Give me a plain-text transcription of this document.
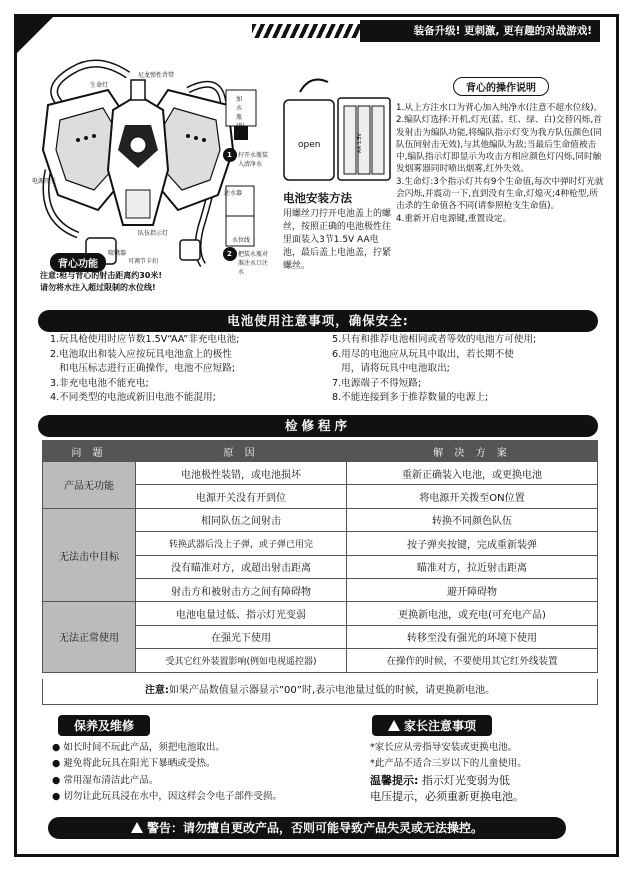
装备升级! 更刺激, 更有趣的对战游戏!
生命灯
尼龙弹性背带
电源开关
队伍指示灯
喷嘴器
可调节卡扣
加水瓶(附送)
1 拧开水瓶装入清净水
注水器
水位线
2 把装水瓶对准注水口注水
背心功能
注意:枪与背心的射击距离约30米!
请勿将水注入超过限制的水位线!
open	AA 1.5V
电池安装方法
用螺丝刀拧开电池盖上的螺丝，按照正确的电池极性往里面装入3节1.5V AA电池，最后盖上电池盖，拧紧螺丝。
背心的操作说明

1.从上方注水口为背心加入纯净水(注意不超水位线)。

2.编队灯选择:开机,灯光(蓝、红、绿、白)交替闪烁,首发射击为编队功能,将编队指示灯变为我方队伍颜色(同队伍间射击无效),与其他编队为敌;当最后生命值被击中,编队指示灯即显示为攻击方相应颜色灯闪烁,同时触发烟雾器同时喷出烟雾,红外失效。

3.生命灯:3个指示灯共有9个生命值,每次中弹时灯光就会闪烁,并震动一下,直到没有生命,灯熄灭;4种枪型,所击杀的生命值各不同(请参照枪支生命值)。

4.重新开启电源键,重置设定。

电池使用注意事项，确保安全:
1.玩具枪使用时应节数1.5V“AA”非充电电池;
2.电池取出和装入应按玩具电池盒上的极性
和电压标志进行正确操作，电池不应短路;
3.非充电电池不能充电;
4.不同类型的电池或新旧电池不能混用;
5.只有和推荐电池相同或者等效的电池方可使用;
6.用尽的电池应从玩具中取出，若长期不使
用，请将玩具中电池取出;
7.电源端子不得短路;
8.不能连接到多于推荐数量的电源上;
检修程序
问 题	原 因	解 决 方 案
产品无功能	电池极性装错，或电池损坏	重新正确装入电池，或更换电池
	电源开关没有开到位	将电源开关拨至ON位置
无法击中目标	相同队伍之间射击	转换不同颜色队伍
	转换武器后没上子弹，或子弹已用完	按子弹夹按键，完成重新装弹
	没有瞄准对方，或超出射击距离	瞄准对方，拉近射击距离
	射击方和被射击方之间有障碍物	避开障碍物
无法正常使用	电池电量过低、指示灯光变弱	更换新电池，或充电(可充电产品)
	在强光下使用	转移至没有强光的环境下使用
	受其它红外装置影响(例如电视遥控器)	在操作的时候，不要使用其它红外线装置
注意:如果产品数值显示器显示”00”时,表示电池量过低的时候，请更换新电池。
保养及维修
● 如长时间不玩此产品，须把电池取出。
● 避免将此玩具在阳光下暴晒或受热。
● 常用湿布清洁此产品。
● 切勿让此玩具浸在水中，因这样会令电子部件受损。
家长注意事项
*家长应从旁指导安装或更换电池。
*此产品不适合三岁以下的儿童使用。
温馨提示: 指示灯光变弱为低
电压提示，必须重新更换电池。
警告：请勿擅自更改产品，否则可能导致产品失灵或无法操控。
